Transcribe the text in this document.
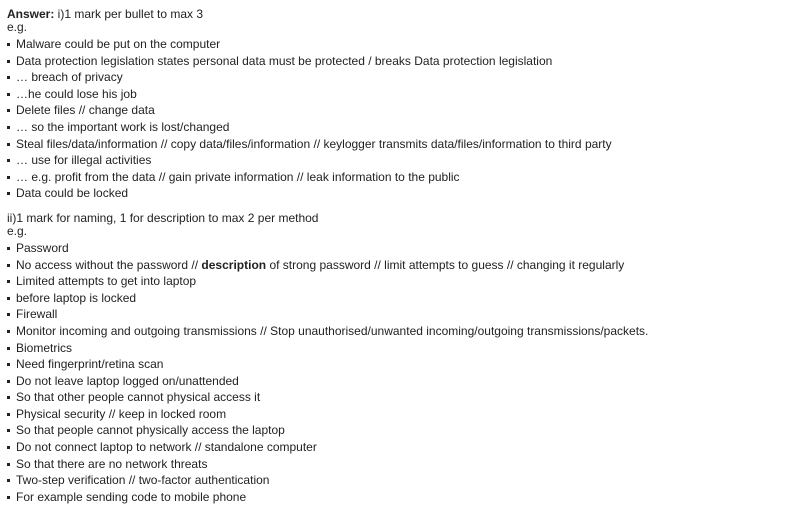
Answer: i)1 mark per bullet to max 3
e.g.
Malware could be put on the computer
Data protection legislation states personal data must be protected / breaks Data protection legislation
… breach of privacy
…he could lose his job
Delete files // change data
… so the important work is lost/changed
Steal files/data/information // copy data/files/information // keylogger transmits data/files/information to third party
… use for illegal activities
… e.g. profit from the data // gain private information // leak information to the public
Data could be locked
ii)1 mark for naming, 1 for description to max 2 per method
e.g.
Password
No access without the password // description of strong password // limit attempts to guess // changing it regularly
Limited attempts to get into laptop
before laptop is locked
Firewall
Monitor incoming and outgoing transmissions // Stop unauthorised/unwanted incoming/outgoing transmissions/packets.
Biometrics
Need fingerprint/retina scan
Do not leave laptop logged on/unattended
So that other people cannot physical access it
Physical security // keep in locked room
So that people cannot physically access the laptop
Do not connect laptop to network // standalone computer
So that there are no network threats
Two-step verification // two-factor authentication
For example sending code to mobile phone
